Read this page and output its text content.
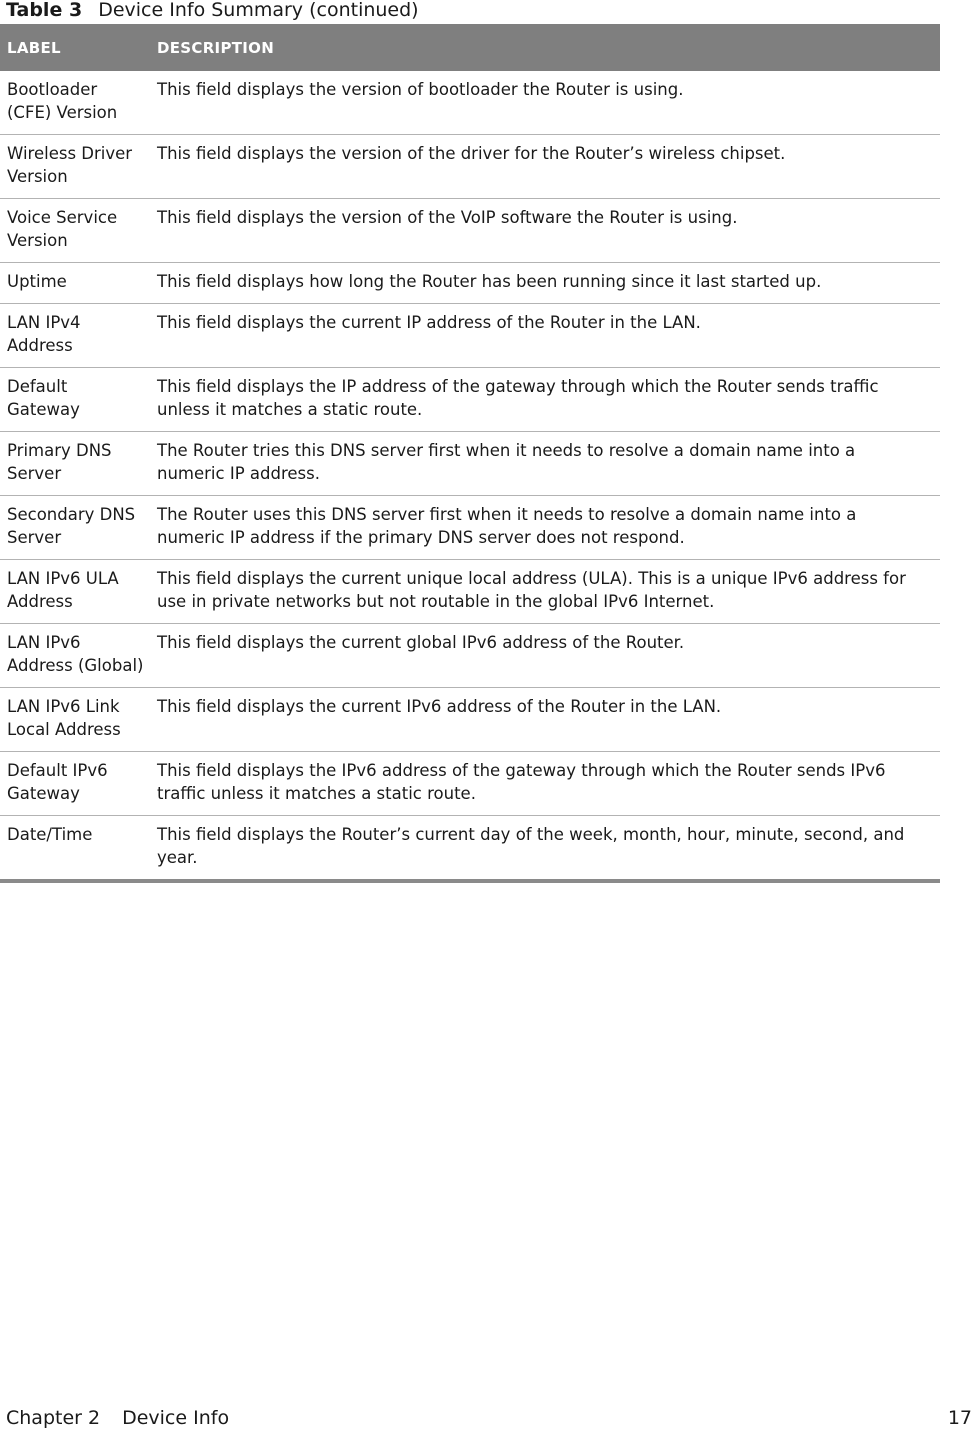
Table 3 Device Info Summary (continued)
LABEL	DESCRIPTION
Bootloader (CFE) Version	This field displays the version of bootloader the Router is using.
Wireless Driver Version	This field displays the version of the driver for the Router’s wireless chipset.
Voice Service Version	This field displays the version of the VoIP software the Router is using.
Uptime	This field displays how long the Router has been running since it last started up.
LAN IPv4 Address	This field displays the current IP address of the Router in the LAN.
Default Gateway	This field displays the IP address of the gateway through which the Router sends traffic unless it matches a static route.
Primary DNS Server	The Router tries this DNS server first when it needs to resolve a domain name into a numeric IP address.
Secondary DNS Server	The Router uses this DNS server first when it needs to resolve a domain name into a numeric IP address if the primary DNS server does not respond.
LAN IPv6 ULA Address	This field displays the current unique local address (ULA). This is a unique IPv6 address for use in private networks but not routable in the global IPv6 Internet.
LAN IPv6 Address (Global)	This field displays the current global IPv6 address of the Router.
LAN IPv6 Link Local Address	This field displays the current IPv6 address of the Router in the LAN.
Default IPv6 Gateway	This field displays the IPv6 address of the gateway through which the Router sends IPv6 traffic unless it matches a static route.
Date/Time	This field displays the Router’s current day of the week, month, hour, minute, second, and year.
Chapter 2 Device Info	17
